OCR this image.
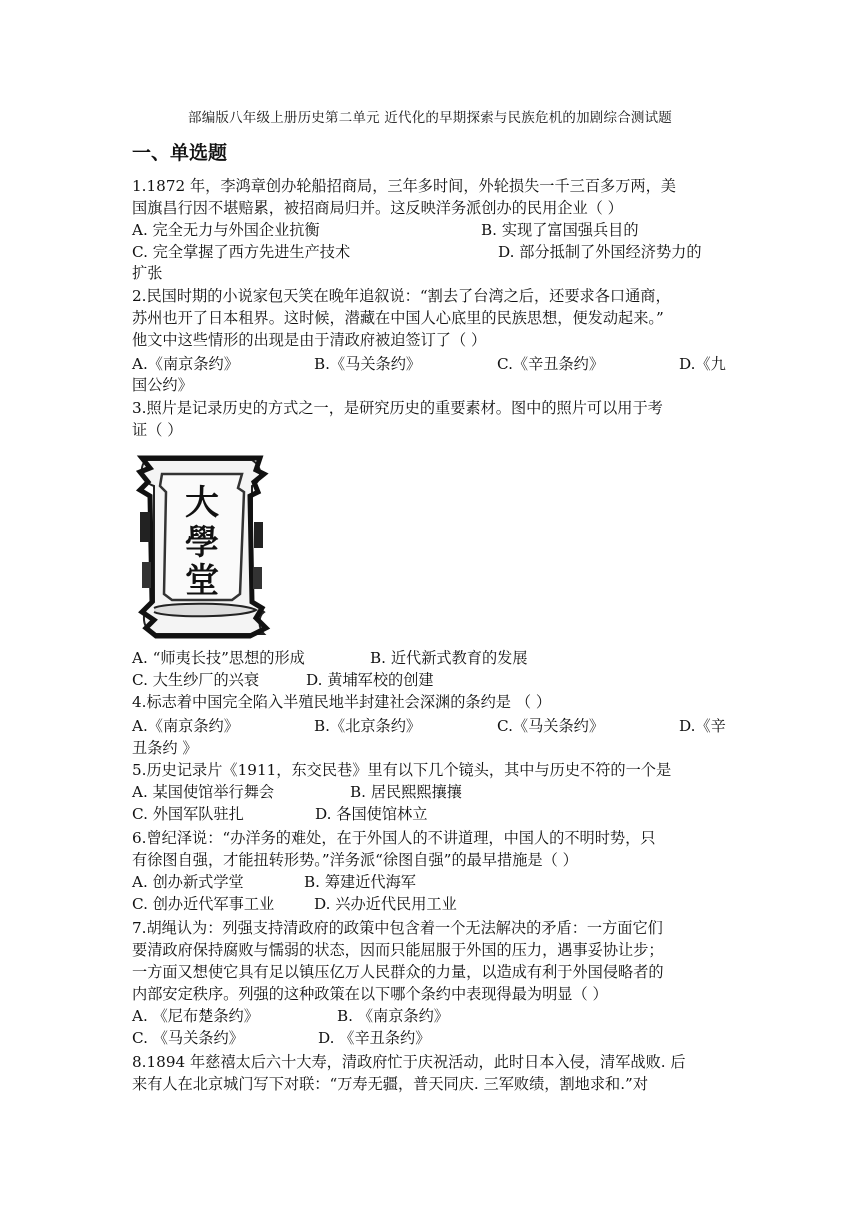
部编版八年级上册历史第二单元 近代化的早期探索与民族危机的加剧综合测试题
一、单选题
1.1872 年，李鸿章创办轮船招商局，三年多时间，外轮损失一千三百多万两，美
国旗昌行因不堪赔累，被招商局归并。这反映洋务派创办的民用企业（ ）
A. 完全无力与外国企业抗衡	B. 实现了富国强兵目的
C. 完全掌握了西方先进生产技术	D. 部分抵制了外国经济势力的
扩张
2.民国时期的小说家包天笑在晚年追叙说：“割去了台湾之后，还要求各口通商，
苏州也开了日本租界。这时候，潜藏在中国人心底里的民族思想，便发动起来。”
他文中这些情形的出现是由于清政府被迫签订了（ ）
A.《南京条约》	B.《马关条约》	C.《辛丑条约》	D.《九
国公约》
3.照片是记录历史的方式之一，是研究历史的重要素材。图中的照片可以用于考
证（ ）
大
學
堂
A. “师夷长技”思想的形成	B. 近代新式教育的发展
C. 大生纱厂的兴衰	D. 黄埔军校的创建
4.标志着中国完全陷入半殖民地半封建社会深渊的条约是 （ ）
A.《南京条约》	B.《北京条约》	C.《马关条约》	D.《辛
丑条约 》
5.历史记录片《1911，东交民巷》里有以下几个镜头，其中与历史不符的一个是
A. 某国使馆举行舞会	B. 居民熙熙攘攘
C. 外国军队驻扎	D. 各国使馆林立
6.曾纪泽说：“办洋务的难处，在于外国人的不讲道理，中国人的不明时势，只
有徐图自强，才能扭转形势。”洋务派“徐图自强”的最早措施是（ ）
A. 创办新式学堂	B. 筹建近代海军
C. 创办近代军事工业	D. 兴办近代民用工业
7.胡绳认为：列强支持清政府的政策中包含着一个无法解决的矛盾：一方面它们
要清政府保持腐败与懦弱的状态，因而只能屈服于外国的压力，遇事妥协让步；
一方面又想使它具有足以镇压亿万人民群众的力量，以造成有利于外国侵略者的
内部安定秩序。列强的这种政策在以下哪个条约中表现得最为明显（ ）
A. 《尼布楚条约》	B. 《南京条约》
C. 《马关条约》	D. 《辛丑条约》
8.1894 年慈禧太后六十大寿，清政府忙于庆祝活动，此时日本入侵，清军战败. 后
来有人在北京城门写下对联：“万寿无疆，普天同庆. 三军败绩，割地求和.”对
